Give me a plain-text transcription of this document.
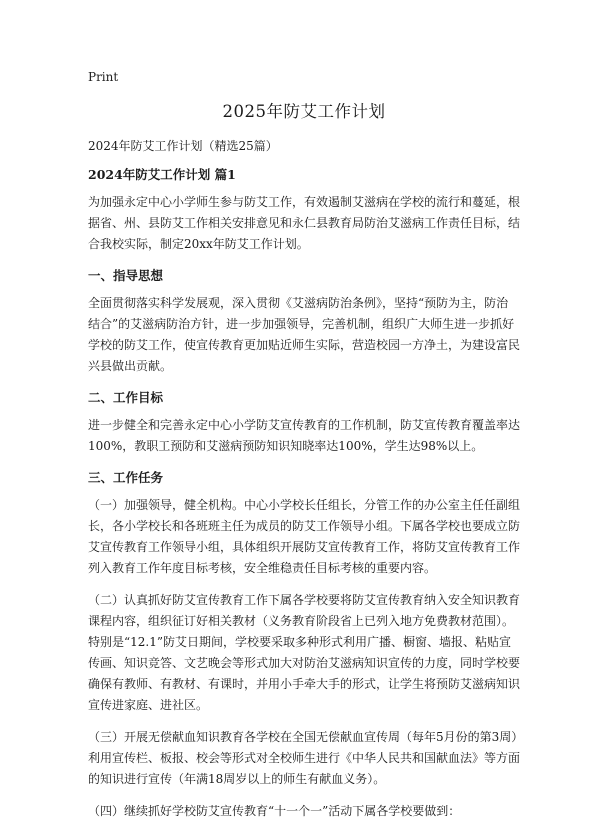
Print
2025年防艾工作计划
2024年防艾工作计划（精选25篇）
2024年防艾工作计划 篇1

为加强永定中心小学师生参与防艾工作，有效遏制艾滋病在学校的流行和蔓延，根据省、州、县防艾工作相关安排意见和永仁县教育局防治艾滋病工作责任目标，结合我校实际，制定20xx年防艾工作计划。

一、指导思想

全面贯彻落实科学发展观，深入贯彻《艾滋病防治条例》，坚持“预防为主，防治结合”的艾滋病防治方针，进一步加强领导，完善机制，组织广大师生进一步抓好学校的防艾工作，使宣传教育更加贴近师生实际，营造校园一方净土，为建设富民兴县做出贡献。

二、工作目标

进一步健全和完善永定中心小学防艾宣传教育的工作机制，防艾宣传教育覆盖率达100%，教职工预防和艾滋病预防知识知晓率达100%，学生达98%以上。

三、工作任务

（一）加强领导，健全机构。中心小学校长任组长，分管工作的办公室主任任副组长，各小学校长和各班班主任为成员的防艾工作领导小组。下属各学校也要成立防艾宣传教育工作领导小组，具体组织开展防艾宣传教育工作，将防艾宣传教育工作列入教育工作年度目标考核，安全维稳责任目标考核的重要内容。

（二）认真抓好防艾宣传教育工作下属各学校要将防艾宣传教育纳入安全知识教育课程内容，组织征订好相关教材（义务教育阶段省上已列入地方免费教材范围）。特别是“12.1”防艾日期间，学校要采取多种形式利用广播、橱窗、墙报、粘贴宣传画、知识竞答、文艺晚会等形式加大对防治艾滋病知识宣传的力度，同时学校要确保有教师、有教材、有课时，并用小手牵大手的形式，让学生将预防艾滋病知识宣传进家庭、进社区。

（三）开展无偿献血知识教育各学校在全国无偿献血宣传周（每年5月份的第3周）利用宣传栏、板报、校会等形式对全校师生进行《中华人民共和国献血法》等方面的知识进行宣传（年满18周岁以上的师生有献血义务）。

（四）继续抓好学校防艾宣传教育“十一个一”活动下属各学校要做到：
